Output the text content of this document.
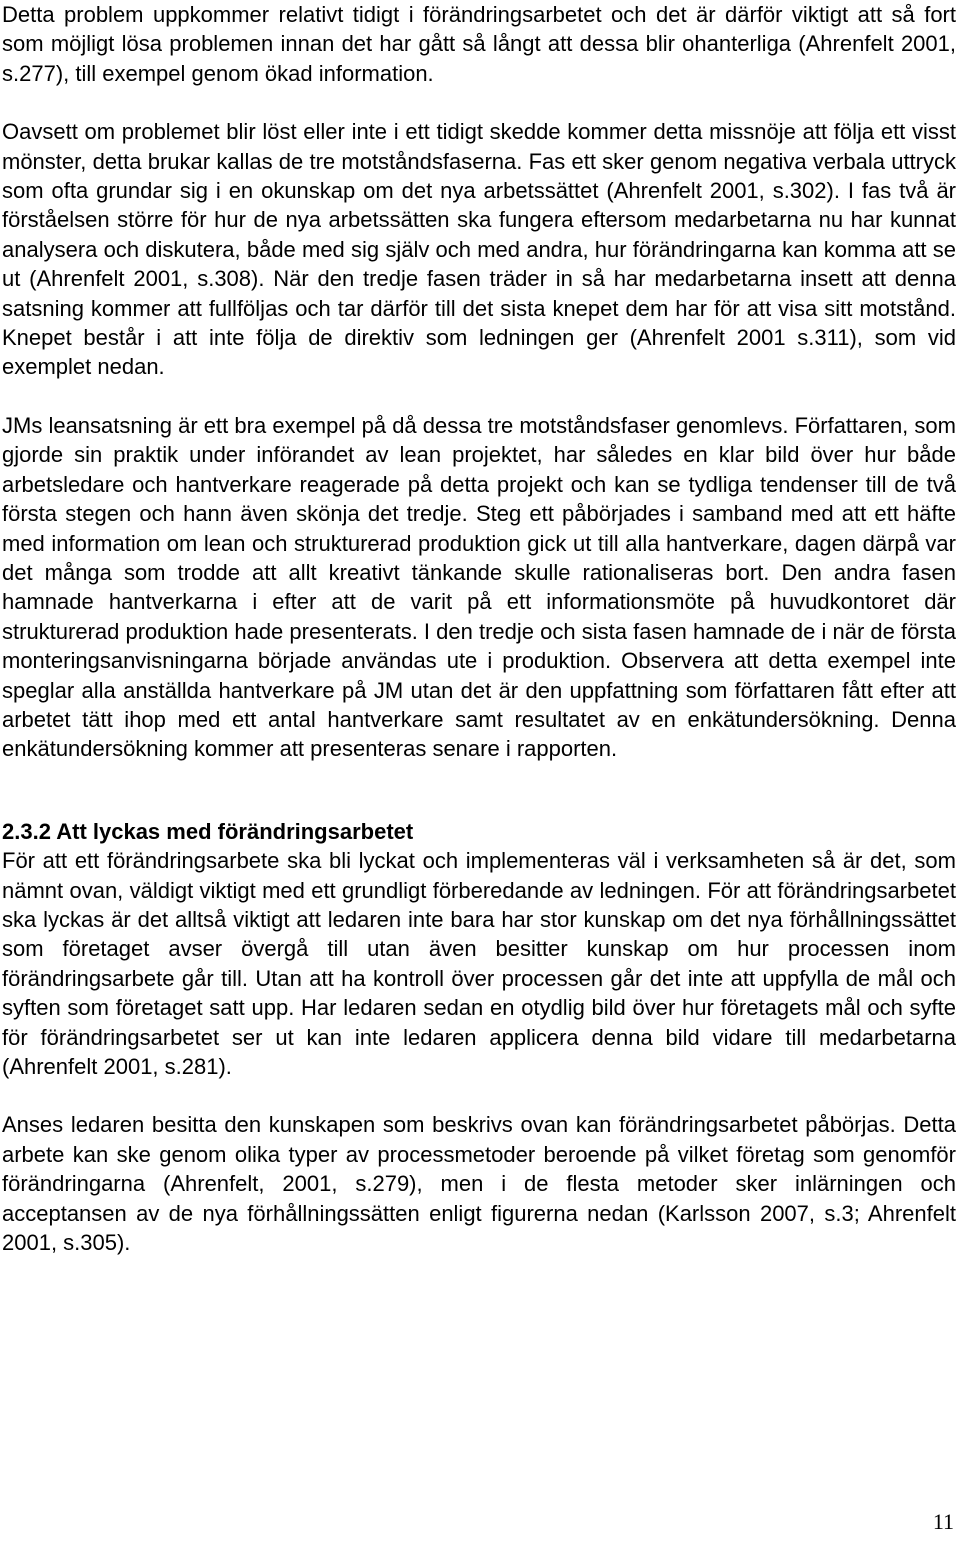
Detta problem uppkommer relativt tidigt i förändringsarbetet och det är därför viktigt att så fort som möjligt lösa problemen innan det har gått så långt att dessa blir ohanterliga (Ahrenfelt 2001, s.277), till exempel genom ökad information.

Oavsett om problemet blir löst eller inte i ett tidigt skedde kommer detta missnöje att följa ett visst mönster, detta brukar kallas de tre motståndsfaserna. Fas ett sker genom negativa verbala uttryck som ofta grundar sig i en okunskap om det nya arbetssättet (Ahrenfelt 2001, s.302). I fas två är förståelsen större för hur de nya arbetssätten ska fungera eftersom medarbetarna nu har kunnat analysera och diskutera, både med sig själv och med andra, hur förändringarna kan komma att se ut (Ahrenfelt 2001, s.308). När den tredje fasen träder in så har medarbetarna insett att denna satsning kommer att fullföljas och tar därför till det sista knepet dem har för att visa sitt motstånd. Knepet består i att inte följa de direktiv som ledningen ger (Ahrenfelt 2001 s.311), som vid exemplet nedan.

JMs leansatsning är ett bra exempel på då dessa tre motståndsfaser genomlevs. Författaren, som gjorde sin praktik under införandet av lean projektet, har således en klar bild över hur både arbetsledare och hantverkare reagerade på detta projekt och kan se tydliga tendenser till de två första stegen och hann även skönja det tredje. Steg ett påbörjades i samband med att ett häfte med information om lean och strukturerad produktion gick ut till alla hantverkare, dagen därpå var det många som trodde att allt kreativt tänkande skulle rationaliseras bort. Den andra fasen hamnade hantverkarna i efter att de varit på ett informationsmöte på huvudkontoret där strukturerad produktion hade presenterats. I den tredje och sista fasen hamnade de i när de första monteringsanvisningarna började användas ute i produktion. Observera att detta exempel inte speglar alla anställda hantverkare på JM utan det är den uppfattning som författaren fått efter att arbetet tätt ihop med ett antal hantverkare samt resultatet av en enkätundersökning. Denna enkätundersökning kommer att presenteras senare i rapporten.

2.3.2 Att lyckas med förändringsarbetet

För att ett förändringsarbete ska bli lyckat och implementeras väl i verksamheten så är det, som nämnt ovan, väldigt viktigt med ett grundligt förberedande av ledningen. För att förändringsarbetet ska lyckas är det alltså viktigt att ledaren inte bara har stor kunskap om det nya förhållningssättet som företaget avser övergå till utan även besitter kunskap om hur processen inom förändringsarbete går till. Utan att ha kontroll över processen går det inte att uppfylla de mål och syften som företaget satt upp. Har ledaren sedan en otydlig bild över hur företagets mål och syfte för förändringsarbetet ser ut kan inte ledaren applicera denna bild vidare till medarbetarna (Ahrenfelt 2001, s.281).

Anses ledaren besitta den kunskapen som beskrivs ovan kan förändringsarbetet påbörjas. Detta arbete kan ske genom olika typer av processmetoder beroende på vilket företag som genomför förändringarna (Ahrenfelt, 2001, s.279), men i de flesta metoder sker inlärningen och acceptansen av de nya förhållningssätten enligt figurerna nedan (Karlsson 2007, s.3; Ahrenfelt 2001, s.305).

11
